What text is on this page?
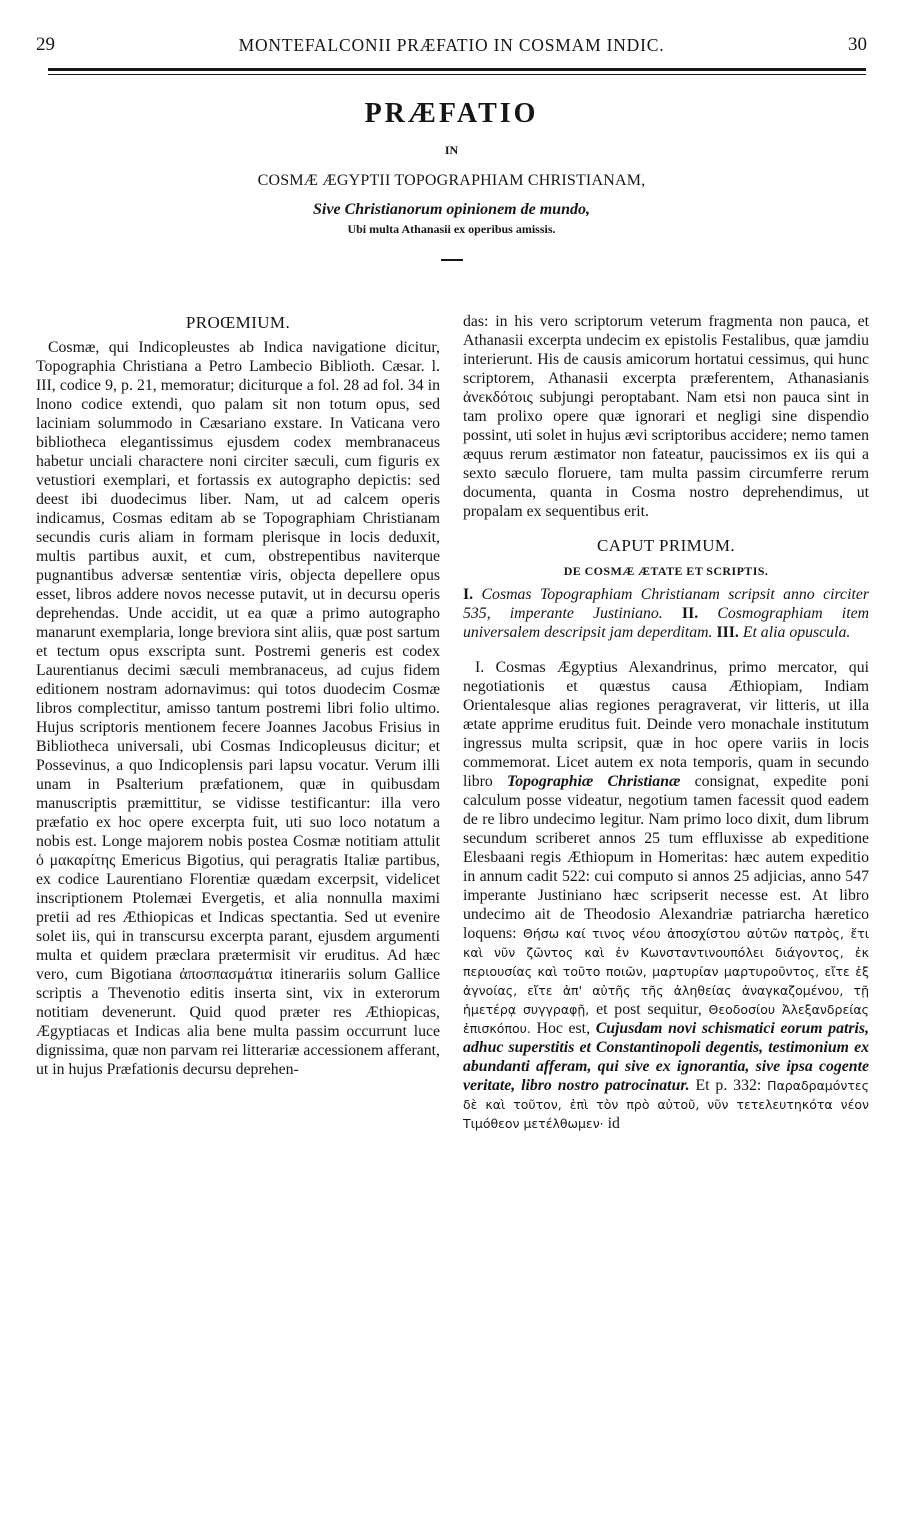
29	MONTEFALCONII PRÆFATIO IN COSMAM INDIC.	30
PRÆFATIO
IN
COSMÆ ÆGYPTII TOPOGRAPHIAM CHRISTIANAM,
Sive Christianorum opinionem de mundo,
Ubi multa Athanasii ex operibus amissis.
PROŒMIUM.

Cosmæ, qui Indicopleustes ab Indica navigatione dicitur, Topographia Christiana a Petro Lambecio Biblioth. Cæsar. l. III, codice 9, p. 21, memoratur; diciturque a fol. 28 ad fol. 34 in lnono codice extendi, quo palam sit non totum opus, sed laciniam solummodo in Cæsariano exstare. In Vaticana vero bibliotheca elegantissimus ejusdem codex membranaceus habetur unciali charactere noni circiter sæculi, cum figuris ex vetustiori exemplari, et fortassis ex autographo depictis: sed deest ibi duodecimus liber. Nam, ut ad calcem operis indicamus, Cosmas editam ab se Topographiam Christianam secundis curis aliam in formam plerisque in locis deduxit, multis partibus auxit, et cum, obstrepentibus naviterque pugnantibus adversæ sententiæ viris, objecta depellere opus esset, libros addere novos necesse putavit, ut in decursu operis deprehendas. Unde accidit, ut ea quæ a primo autographo manarunt exemplaria, longe breviora sint aliis, quæ post sartum et tectum opus exscripta sunt. Postremi generis est codex Laurentianus decimi sæculi membranaceus, ad cujus fidem editionem nostram adornavimus: qui totos duodecim Cosmæ libros complectitur, amisso tantum postremi libri folio ultimo. Hujus scriptoris mentionem fecere Joannes Jacobus Frisius in Bibliotheca universali, ubi Cosmas Indicopleusus dicitur; et Possevinus, a quo Indicoplensis pari lapsu vocatur. Verum illi unam in Psalterium præfationem, quæ in quibusdam manuscriptis præmittitur, se vidisse testificantur: illa vero præfatio ex hoc opere excerpta fuit, uti suo loco notatum a nobis est. Longe majorem nobis postea Cosmæ notitiam attulit ὁ μακαρίτης Emericus Bigotius, qui peragratis Italiæ partibus, ex codice Laurentiano Florentiæ quædam excerpsit, videlicet inscriptionem Ptolemæi Evergetis, et alia nonnulla maximi pretii ad res Æthiopicas et Indicas spectantia. Sed ut evenire solet iis, qui in transcursu excerpta parant, ejusdem argumenti multa et quidem præclara prætermisit vir eruditus. Ad hæc vero, cum Bigotiana ἀποσπασμάτια itinerariis solum Gallice scriptis a Thevenotio editis inserta sint, vix in exterorum notitiam devenerunt. Quid quod præter res Æthiopicas, Ægyptiacas et Indicas alia bene multa passim occurrunt luce dignissima, quæ non parvam rei litterariæ accessionem afferant, ut in hujus Præfationis decursu deprehen-

das: in his vero scriptorum veterum fragmenta non pauca, et Athanasii excerpta undecim ex epistolis Festalibus, quæ jamdiu interierunt. His de causis amicorum hortatui cessimus, qui hunc scriptorem, Athanasii excerpta præferentem, Athanasianis ἀνεκδότοις subjungi peroptabant. Nam etsi non pauca sint in tam prolixo opere quæ ignorari et negligi sine dispendio possint, uti solet in hujus ævi scriptoribus accidere; nemo tamen æquus rerum æstimator non fateatur, paucissimos ex iis qui a sexto sæculo floruere, tam multa passim circumferre rerum documenta, quanta in Cosma nostro deprehendimus, ut propalam ex sequentibus erit.

CAPUT PRIMUM.
DE COSMÆ ÆTATE ET SCRIPTIS.

I. Cosmas Topographiam Christianam scripsit anno circiter 535, imperante Justiniano. II. Cosmographiam item universalem descripsit jam deperditam. III. Et alia opuscula.

I. Cosmas Ægyptius Alexandrinus, primo mercator, qui negotiationis et quæstus causa Æthiopiam, Indiam Orientalesque alias regiones peragraverat, vir litteris, ut illa ætate apprime eruditus fuit. Deinde vero monachale institutum ingressus multa scripsit, quæ in hoc opere variis in locis commemorat. Licet autem ex nota temporis, quam in secundo libro Topographiæ Christianæ consignat, expedite poni calculum posse videatur, negotium tamen facessit quod eadem de re libro undecimo legitur. Nam primo loco dixit, dum librum secundum scriberet annos 25 tum effluxisse ab expeditione Elesbaani regis Æthiopum in Homeritas: hæc autem expeditio in annum cadit 522: cui computo si annos 25 adjicias, anno 547 imperante Justiniano hæc scripserit necesse est. At libro undecimo ait de Theodosio Alexandriæ patriarcha hæretico loquens: Θήσω καί τινος νέου ἀποσχίστου αὐτῶν πατρὸς, ἔτι καὶ νῦν ζῶντος καὶ ἐν Κωνσταντινουπόλει διάγοντος, ἐκ περιουσίας καὶ τοῦτο ποιῶν, μαρτυρίαν μαρτυροῦντος, εἴτε ἐξ ἀγνοίας, εἴτε ἀπ' αὐτῆς τῆς ἀληθείας ἀναγκαζομένου, τῇ ἡμετέρᾳ συγγραφῇ, et post sequitur, Θεοδοσίου Ἀλεξανδρείας ἐπισκόπου. Hoc est, Cujusdam novi schismatici eorum patris, adhuc superstitis et Constantinopoli degentis, testimonium ex abundanti afferam, qui sive ex ignorantia, sive ipsa cogente veritate, libro nostro patrocinatur. Et p. 332: Παραδραμόντες δὲ καὶ τοῦτον, ἐπὶ τὸν πρὸ αὐτοῦ, νῦν τετελευτηκότα νέον Τιμόθεον μετέλθωμεν· id
